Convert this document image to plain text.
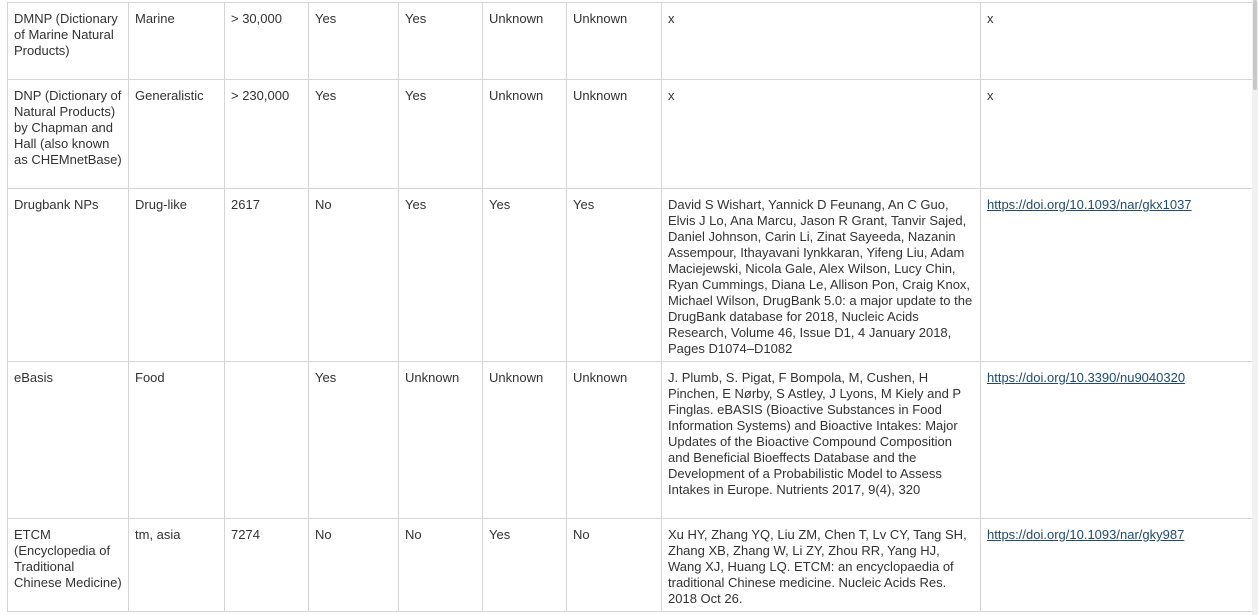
DMNP (Dictionary of Marine Natural Products)	Marine	> 30,000	Yes	Yes	Unknown	Unknown	x	x
DNP (Dictionary of Natural Products) by Chapman and Hall (also known as CHEMnetBase)	Generalistic	> 230,000	Yes	Yes	Unknown	Unknown	x	x
Drugbank NPs	Drug-like	2617	No	Yes	Yes	Yes	David S Wishart, Yannick D Feunang, An C Guo, Elvis J Lo, Ana Marcu, Jason R Grant, Tanvir Sajed, Daniel Johnson, Carin Li, Zinat Sayeeda, Nazanin Assempour, Ithayavani Iynkkaran, Yifeng Liu, Adam Maciejewski, Nicola Gale, Alex Wilson, Lucy Chin, Ryan Cummings, Diana Le, Allison Pon, Craig Knox, Michael Wilson, DrugBank 5.0: a major update to the DrugBank database for 2018, Nucleic Acids Research, Volume 46, Issue D1, 4 January 2018, Pages D1074–D1082	https://doi.org/10.1093/nar/gkx1037
eBasis	Food		Yes	Unknown	Unknown	Unknown	J. Plumb, S. Pigat, F Bompola, M, Cushen, H Pinchen, E Nørby, S Astley, J Lyons, M Kiely and P Finglas. eBASIS (Bioactive Substances in Food Information Systems) and Bioactive Intakes: Major Updates of the Bioactive Compound Composition and Beneficial Bioeffects Database and the Development of a Probabilistic Model to Assess Intakes in Europe. Nutrients 2017, 9(4), 320	https://doi.org/10.3390/nu9040320
ETCM (Encyclopedia of Traditional Chinese Medicine)	tm, asia	7274	No	No	Yes	No	Xu HY, Zhang YQ, Liu ZM, Chen T, Lv CY, Tang SH, Zhang XB, Zhang W, Li ZY, Zhou RR, Yang HJ, Wang XJ, Huang LQ. ETCM: an encyclopaedia of traditional Chinese medicine. Nucleic Acids Res. 2018 Oct 26.	https://doi.org/10.1093/nar/gky987
